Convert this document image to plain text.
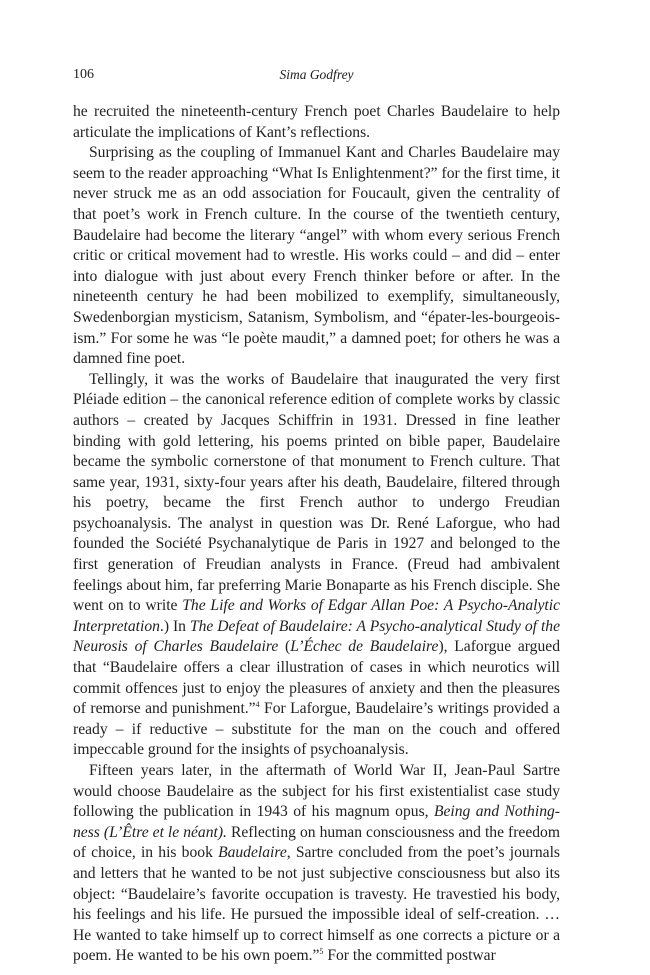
106	Sima Godfrey

he recruited the nineteenth-century French poet Charles Baudelaire to help articulate the implications of Kant’s reflections.

Surprising as the coupling of Immanuel Kant and Charles Baudelaire may seem to the reader approaching “What Is Enlightenment?” for the first time, it never struck me as an odd association for Foucault, given the centrality of that poet’s work in French culture. In the course of the twentieth century, Baudelaire had become the literary “angel” with whom every serious French critic or critical movement had to wrestle. His works could – and did – enter into dialogue with just about every French thinker before or after. In the nineteenth century he had been mobilized to exemplify, simultaneously, Swedenborgian mysticism, Satanism, Symbolism, and “épater-les-bourgeois-ism.” For some he was “le poète maudit,” a damned poet; for others he was a damned fine poet.

Tellingly, it was the works of Baudelaire that inaugurated the very first Pléiade edition – the canonical reference edition of complete works by classic authors – created by Jacques Schiffrin in 1931. Dressed in fine leather binding with gold lettering, his poems printed on bible paper, Baudelaire became the symbolic cornerstone of that monument to French culture. That same year, 1931, sixty-four years after his death, Baudelaire, filtered through his poetry, became the first French author to undergo Freudian psychoanalysis. The analyst in question was Dr. René Laforgue, who had founded the Société Psychanalytique de Paris in 1927 and belonged to the first generation of Freudian analysts in France. (Freud had ambivalent feelings about him, far preferring Marie Bonaparte as his French disciple. She went on to write The Life and Works of Edgar Allan Poe: A Psycho-Analytic Interpretation.) In The Defeat of Baudelaire: A Psycho-analytical Study of the Neurosis of Charles Baudelaire (L’Échec de Baudelaire), Laforgue argued that “Baudelaire offers a clear illustration of cases in which neurotics will commit offences just to enjoy the pleasures of anxiety and then the pleasures of remorse and punishment.”$^4$ For Laforgue, Baudelaire’s writings provided a ready – if reductive – substitute for the man on the couch and offered impeccable ground for the insights of psychoanalysis.

Fifteen years later, in the aftermath of World War II, Jean-Paul Sartre would choose Baudelaire as the subject for his first existentialist case study following the publication in 1943 of his magnum opus, Being and Nothingness (L’Être et le néant). Reflecting on human consciousness and the freedom of choice, in his book Baudelaire, Sartre concluded from the poet’s journals and letters that he wanted to be not just subjective consciousness but also its object: “Baudelaire’s favorite occupation is travesty. He travestied his body, his feelings and his life. He pursued the impossible ideal of self-creation. … He wanted to take himself up to correct himself as one corrects a picture or a poem. He wanted to be his own poem.”$^5$ For the committed postwar
